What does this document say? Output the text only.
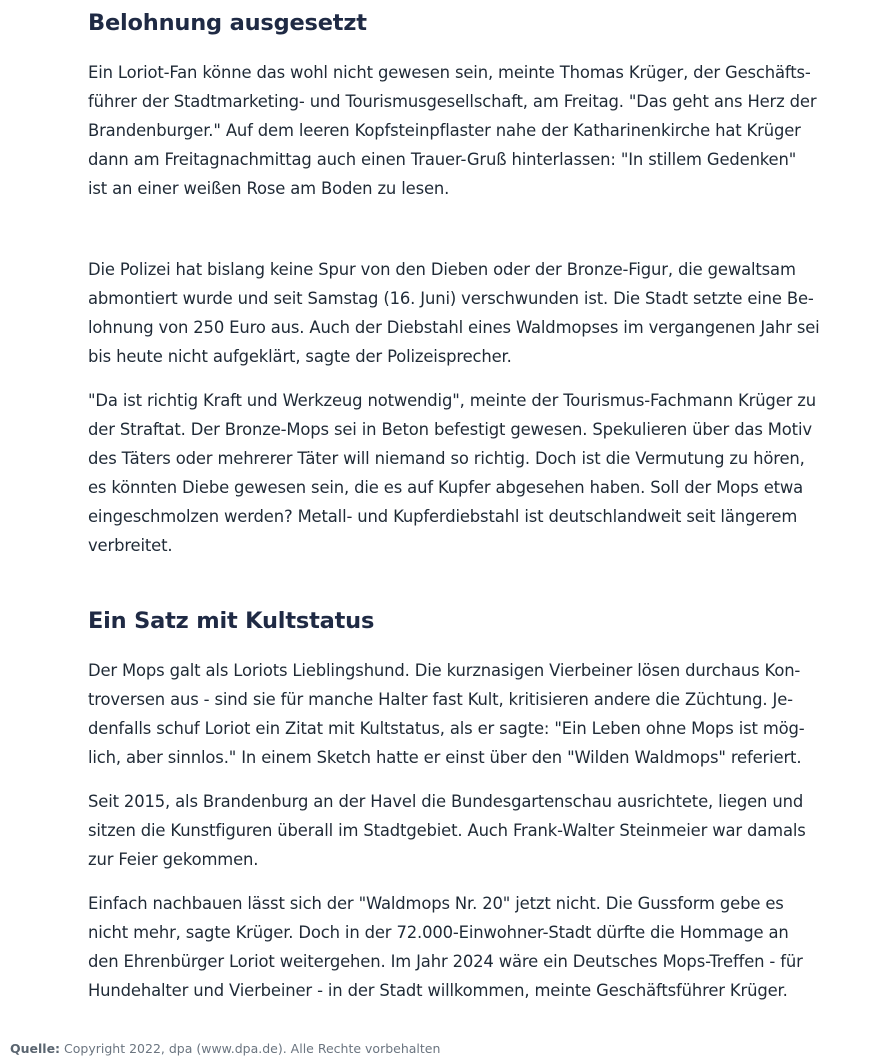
Belohnung ausgesetzt

Ein Loriot-Fan könne das wohl nicht gewesen sein, meinte Thomas Krüger, der Geschäfts-
führer der Stadtmarketing- und Tourismusgesellschaft, am Freitag. "Das geht ans Herz der
Brandenburger." Auf dem leeren Kopfsteinpflaster nahe der Katharinenkirche hat Krüger
dann am Freitagnachmittag auch einen Trauer-Gruß hinterlassen: "In stillem Gedenken"
ist an einer weißen Rose am Boden zu lesen.

Die Polizei hat bislang keine Spur von den Dieben oder der Bronze-Figur, die gewaltsam
abmontiert wurde und seit Samstag (16. Juni) verschwunden ist. Die Stadt setzte eine Be-
lohnung von 250 Euro aus. Auch der Diebstahl eines Waldmopses im vergangenen Jahr sei
bis heute nicht aufgeklärt, sagte der Polizeisprecher.

"Da ist richtig Kraft und Werkzeug notwendig", meinte der Tourismus-Fachmann Krüger zu
der Straftat. Der Bronze-Mops sei in Beton befestigt gewesen. Spekulieren über das Motiv
des Täters oder mehrerer Täter will niemand so richtig. Doch ist die Vermutung zu hören,
es könnten Diebe gewesen sein, die es auf Kupfer abgesehen haben. Soll der Mops etwa
eingeschmolzen werden? Metall- und Kupferdiebstahl ist deutschlandweit seit längerem
verbreitet.

Ein Satz mit Kultstatus

Der Mops galt als Loriots Lieblingshund. Die kurznasigen Vierbeiner lösen durchaus Kon-
troversen aus - sind sie für manche Halter fast Kult, kritisieren andere die Züchtung. Je-
denfalls schuf Loriot ein Zitat mit Kultstatus, als er sagte: "Ein Leben ohne Mops ist mög-
lich, aber sinnlos." In einem Sketch hatte er einst über den "Wilden Waldmops" referiert.

Seit 2015, als Brandenburg an der Havel die Bundesgartenschau ausrichtete, liegen und
sitzen die Kunstfiguren überall im Stadtgebiet. Auch Frank-Walter Steinmeier war damals
zur Feier gekommen.

Einfach nachbauen lässt sich der "Waldmops Nr. 20" jetzt nicht. Die Gussform gebe es
nicht mehr, sagte Krüger. Doch in der 72.000-Einwohner-Stadt dürfte die Hommage an
den Ehrenbürger Loriot weitergehen. Im Jahr 2024 wäre ein Deutsches Mops-Treffen - für
Hundehalter und Vierbeiner - in der Stadt willkommen, meinte Geschäftsführer Krüger.

Quelle: Copyright 2022, dpa (www.dpa.de). Alle Rechte vorbehalten
